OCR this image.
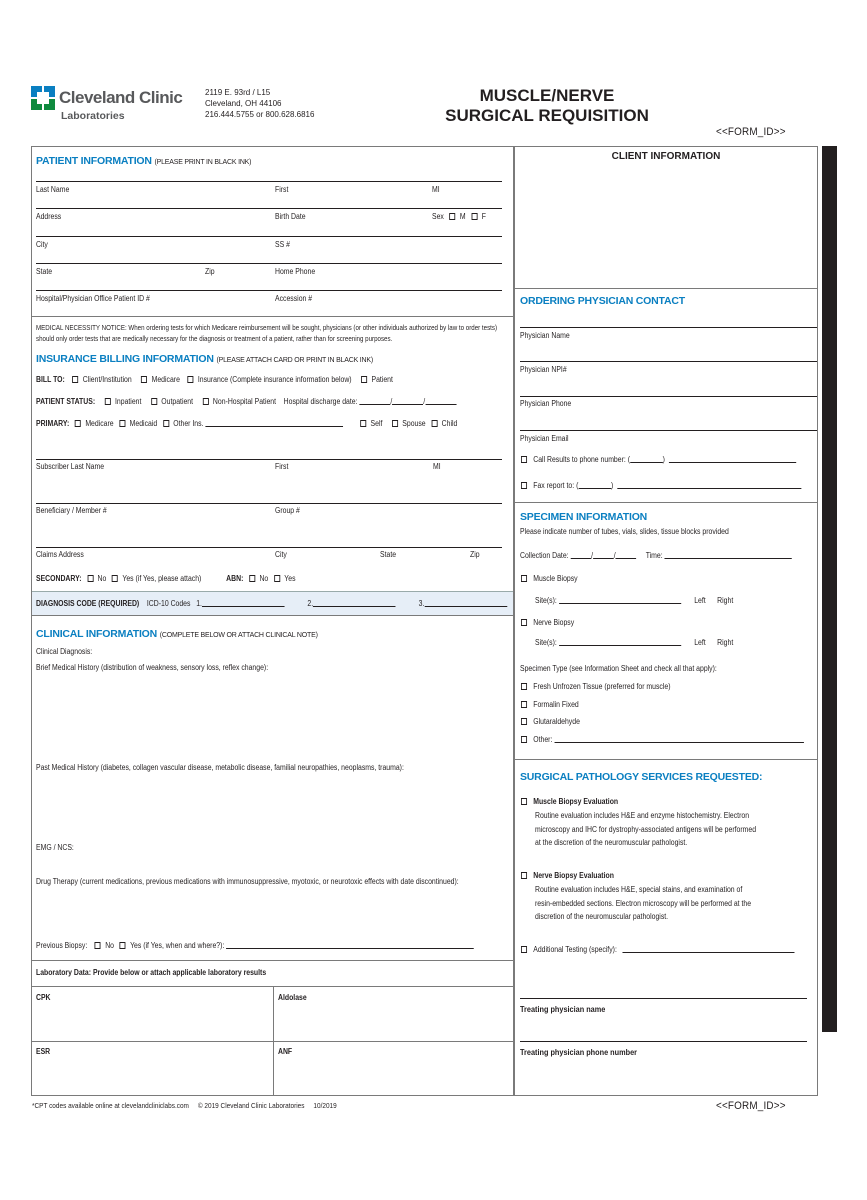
Cleveland Clinic
Laboratories
2119 E. 93rd / L15
Cleveland, OH 44106
216.444.5755 or 800.628.6816
MUSCLE/NERVE
SURGICAL REQUISITION
<<FORM_ID>>
PATIENT INFORMATION (PLEASE PRINT IN BLACK INK)
Last Name	First	MI
Address	Birth Date	Sex M F
City	SS #
State	Zip	Home Phone
Hospital/Physician Office Patient ID #	Accession #
MEDICAL NECESSITY NOTICE: When ordering tests for which Medicare reimbursement will be sought, physicians (or other individuals authorized by law to order tests) should only order tests that are medically necessary for the diagnosis or treatment of a patient, rather than for screening purposes.
INSURANCE BILLING INFORMATION (PLEASE ATTACH CARD OR PRINT IN BLACK INK)
BILL TO: Client/Institution Medicare Insurance (Complete insurance information below) Patient
PATIENT STATUS: Inpatient Outpatient Non-Hospital Patient Hospital discharge date:	/	/
PRIMARY: Medicare Medicaid Other Ins.	Self Spouse Child
Subscriber Last Name	First	MI
Beneficiary / Member #	Group #
Claims Address	City	State	Zip
SECONDARY: No Yes (if Yes, please attach)	ABN: No Yes
DIAGNOSIS CODE (REQUIRED) ICD-10 Codes 1.	2.	3.
CLINICAL INFORMATION (COMPLETE BELOW OR ATTACH CLINICAL NOTE)
Clinical Diagnosis:
Brief Medical History (distribution of weakness, sensory loss, reflex change):
Past Medical History (diabetes, collagen vascular disease, metabolic disease, familial neuropathies, neoplasms, trauma):
EMG / NCS:
Drug Therapy (current medications, previous medications with immunosuppressive, myotoxic, or neurotoxic effects with date discontinued):
Previous Biopsy: No Yes (if Yes, when and where?):
Laboratory Data: Provide below or attach applicable laboratory results
CPK	Aldolase
ESR	ANF
*CPT codes available online at clevelandcliniclabs.com     © 2019 Cleveland Clinic Laboratories     10/2019	<<FORM_ID>>
CLIENT INFORMATION
ORDERING PHYSICIAN CONTACT
Physician Name
Physician NPI#
Physician Phone
Physician Email
Call Results to phone number: (	)
Fax report to: (	)
SPECIMEN INFORMATION
Please indicate number of tubes, vials, slides, tissue blocks provided
Collection Date:	/	/	Time:
Muscle Biopsy
Site(s):	Left Right
Nerve Biopsy
Site(s):	Left Right
Specimen Type (see Information Sheet and check all that apply):
Fresh Unfrozen Tissue (preferred for muscle)
Formalin Fixed
Glutaraldehyde
Other:
SURGICAL PATHOLOGY SERVICES REQUESTED:
Muscle Biopsy Evaluation
Routine evaluation includes H&E and enzyme histochemistry. Electron
microscopy and IHC for dystrophy-associated antigens will be performed
at the discretion of the neuromuscular pathologist.
Nerve Biopsy Evaluation
Routine evaluation includes H&E, special stains, and examination of
resin-embedded sections. Electron microscopy will be performed at the
discretion of the neuromuscular pathologist.
Additional Testing (specify):
Treating physician name
Treating physician phone number
